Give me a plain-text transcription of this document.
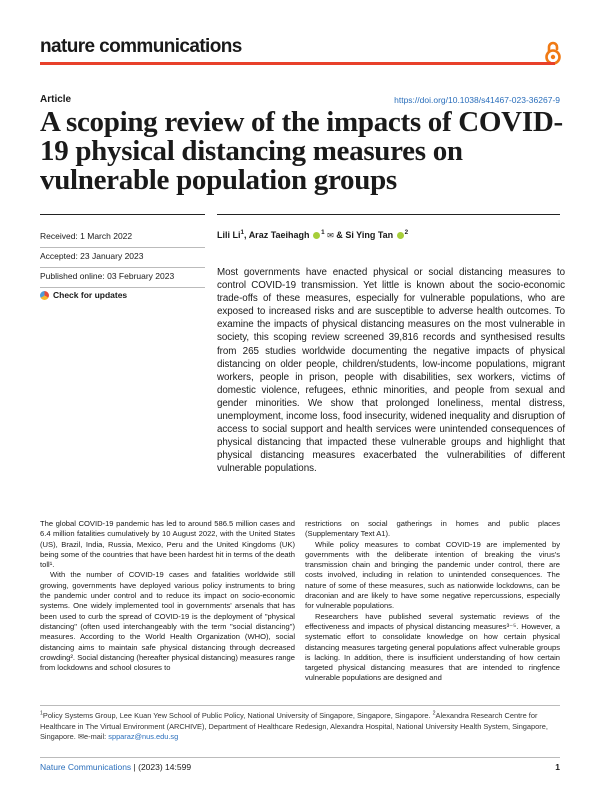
nature communications
Article	https://doi.org/10.1038/s41467-023-36267-9
A scoping review of the impacts of COVID-19 physical distancing measures on vulnerable population groups
Received: 1 March 2022
Accepted: 23 January 2023
Published online: 03 February 2023
Check for updates
Lili Li$^1$, Araz Taeihagh $^1$ ✉ & Si Ying Tan $^2$

Most governments have enacted physical or social distancing measures to control COVID-19 transmission. Yet little is known about the socio-economic trade-offs of these measures, especially for vulnerable populations, who are exposed to increased risks and are susceptible to adverse health outcomes. To examine the impacts of physical distancing measures on the most vulnerable in society, this scoping review screened 39,816 records and synthesised results from 265 studies worldwide documenting the negative impacts of physical distancing on older people, children/students, low-income populations, migrant workers, people in prison, people with disabilities, sex workers, victims of domestic violence, refugees, ethnic minorities, and people from sexual and gender minorities. We show that prolonged loneliness, mental distress, unemployment, income loss, food insecurity, widened inequality and disruption of access to social support and health services were unintended consequences of physical distancing that impacted these vulnerable groups and highlight that physical distancing measures exacerbated the vulnerabilities of different vulnerable populations.

The global COVID-19 pandemic has led to around 586.5 million cases and 6.4 million fatalities cumulatively by 10 August 2022, with the United States (US), Brazil, India, Russia, Mexico, Peru and the United Kingdoms (UK) being some of the countries that have been hardest hit in terms of the death toll¹.

With the number of COVID-19 cases and fatalities worldwide still growing, governments have deployed various policy instruments to bring the pandemic under control and to reduce its impact on socio-economic systems. One widely implemented tool in governments' arsenals that has been used to curb the spread of COVID-19 is the deployment of "physical distancing" (often used interchangeably with the term "social distancing") measures. According to the World Health Organization (WHO), social distancing aims to maintain safe physical distancing through decreased crowding². Social distancing (hereafter physical distancing) measures range from lockdowns and school closures to

restrictions on social gatherings in homes and public places (Supplementary Text A1).

While policy measures to combat COVID-19 are implemented by governments with the deliberate intention of breaking the virus's transmission chain and bringing the pandemic under control, there are costs involved, including in relation to unintended consequences. The nature of some of these measures, such as nationwide lockdowns, can be draconian and are likely to have some negative repercussions, especially for vulnerable populations.

Researchers have published several systematic reviews of the effectiveness and impacts of physical distancing measures³⁻⁵. However, a systematic effort to consolidate knowledge on how certain physical distancing measures targeting general populations affect vulnerable groups is lacking. In addition, there is insufficient understanding of how certain targeted physical distancing measures that are intended to ringfence vulnerable populations are designed and

$^1$Policy Systems Group, Lee Kuan Yew School of Public Policy, National University of Singapore, Singapore, Singapore. $^2$Alexandra Research Centre for Healthcare in The Virtual Environment (ARCHIVE), Department of Healthcare Redesign, Alexandra Hospital, National University Health System, Singapore, Singapore. ✉e-mail: spparaz@nus.edu.sg
Nature Communications | (2023) 14:599	1
